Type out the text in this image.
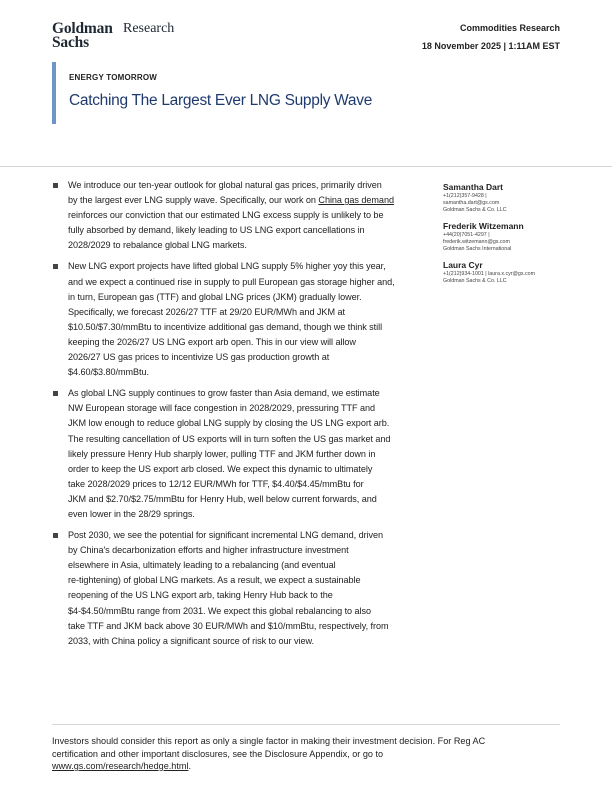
Goldman
Sachs
Research	Commodities Research
18 November 2025 | 1:11AM EST
ENERGY TOMORROW
Catching The Largest Ever LNG Supply Wave
We introduce our ten-year outlook for global natural gas prices, primarily driven
by the largest ever LNG supply wave. Specifically, our work on China gas demand
reinforces our conviction that our estimated LNG excess supply is unlikely to be
fully absorbed by demand, likely leading to US LNG export cancellations in
2028/2029 to rebalance global LNG markets.
New LNG export projects have lifted global LNG supply 5% higher yoy this year,
and we expect a continued rise in supply to pull European gas storage higher and,
in turn, European gas (TTF) and global LNG prices (JKM) gradually lower.
Specifically, we forecast 2026/27 TTF at 29/20 EUR/MWh and JKM at
$10.50/$7.30/mmBtu to incentivize additional gas demand, though we think still
keeping the 2026/27 US LNG export arb open. This in our view will allow
2026/27 US gas prices to incentivize US gas production growth at
$4.60/$3.80/mmBtu.
As global LNG supply continues to grow faster than Asia demand, we estimate
NW European storage will face congestion in 2028/2029, pressuring TTF and
JKM low enough to reduce global LNG supply by closing the US LNG export arb.
The resulting cancellation of US exports will in turn soften the US gas market and
likely pressure Henry Hub sharply lower, pulling TTF and JKM further down in
order to keep the US export arb closed. We expect this dynamic to ultimately
take 2028/2029 prices to 12/12 EUR/MWh for TTF, $4.40/$4.45/mmBtu for
JKM and $2.70/$2.75/mmBtu for Henry Hub, well below current forwards, and
even lower in the 28/29 springs.
Post 2030, we see the potential for significant incremental LNG demand, driven
by China's decarbonization efforts and higher infrastructure investment
elsewhere in Asia, ultimately leading to a rebalancing (and eventual
re-tightening) of global LNG markets. As a result, we expect a sustainable
reopening of the US LNG export arb, taking Henry Hub back to the
$4-$4.50/mmBtu range from 2031. We expect this global rebalancing to also
take TTF and JKM back above 30 EUR/MWh and $10/mmBtu, respectively, from
2033, with China policy a significant source of risk to our view.
Samantha Dart
+1(212)357-9428 |
samantha.dart@gs.com
Goldman Sachs & Co. LLC
Frederik Witzemann
+44(20)7051-4297 |
frederik.witzemann@gs.com
Goldman Sachs International
Laura Cyr
+1(212)934-1001 | laura.x.cyr@gs.com
Goldman Sachs & Co. LLC
Investors should consider this report as only a single factor in making their investment decision. For Reg AC
certification and other important disclosures, see the Disclosure Appendix, or go to
www.gs.com/research/hedge.html.
